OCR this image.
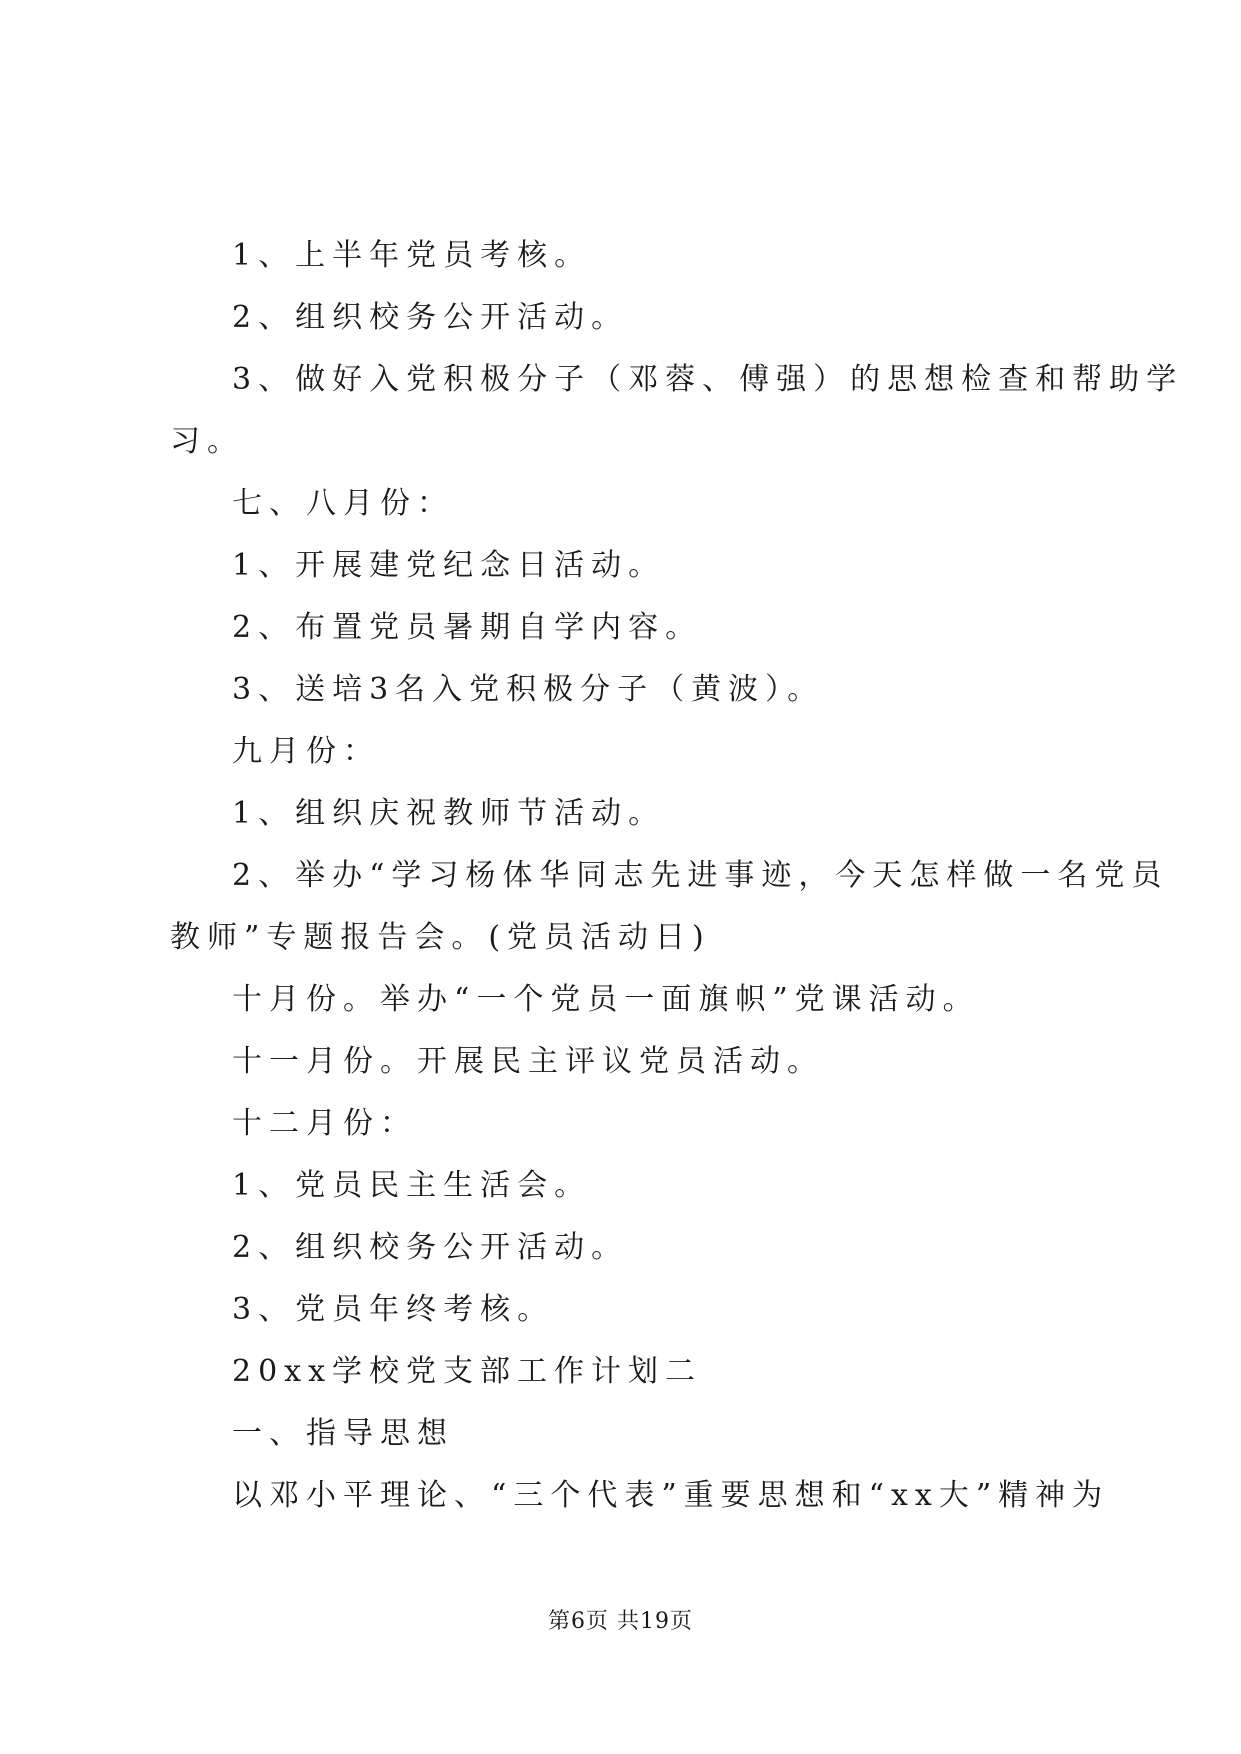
1、上半年党员考核。
2、组织校务公开活动。
3、做好入党积极分子（邓蓉、傅强）的思想检查和帮助学
习。
七、八月份：
1、开展建党纪念日活动。
2、布置党员暑期自学内容。
3、送培3名入党积极分子（黄波）。
九月份：
1、组织庆祝教师节活动。
2、举办“学习杨体华同志先进事迹，今天怎样做一名党员
教师”专题报告会。(党员活动日)
十月份。举办“一个党员一面旗帜”党课活动。
十一月份。开展民主评议党员活动。
十二月份：
1、党员民主生活会。
2、组织校务公开活动。
3、党员年终考核。
20xx学校党支部工作计划二
一、指导思想
以邓小平理论、“三个代表”重要思想和“xx大”精神为
第6页 共19页
